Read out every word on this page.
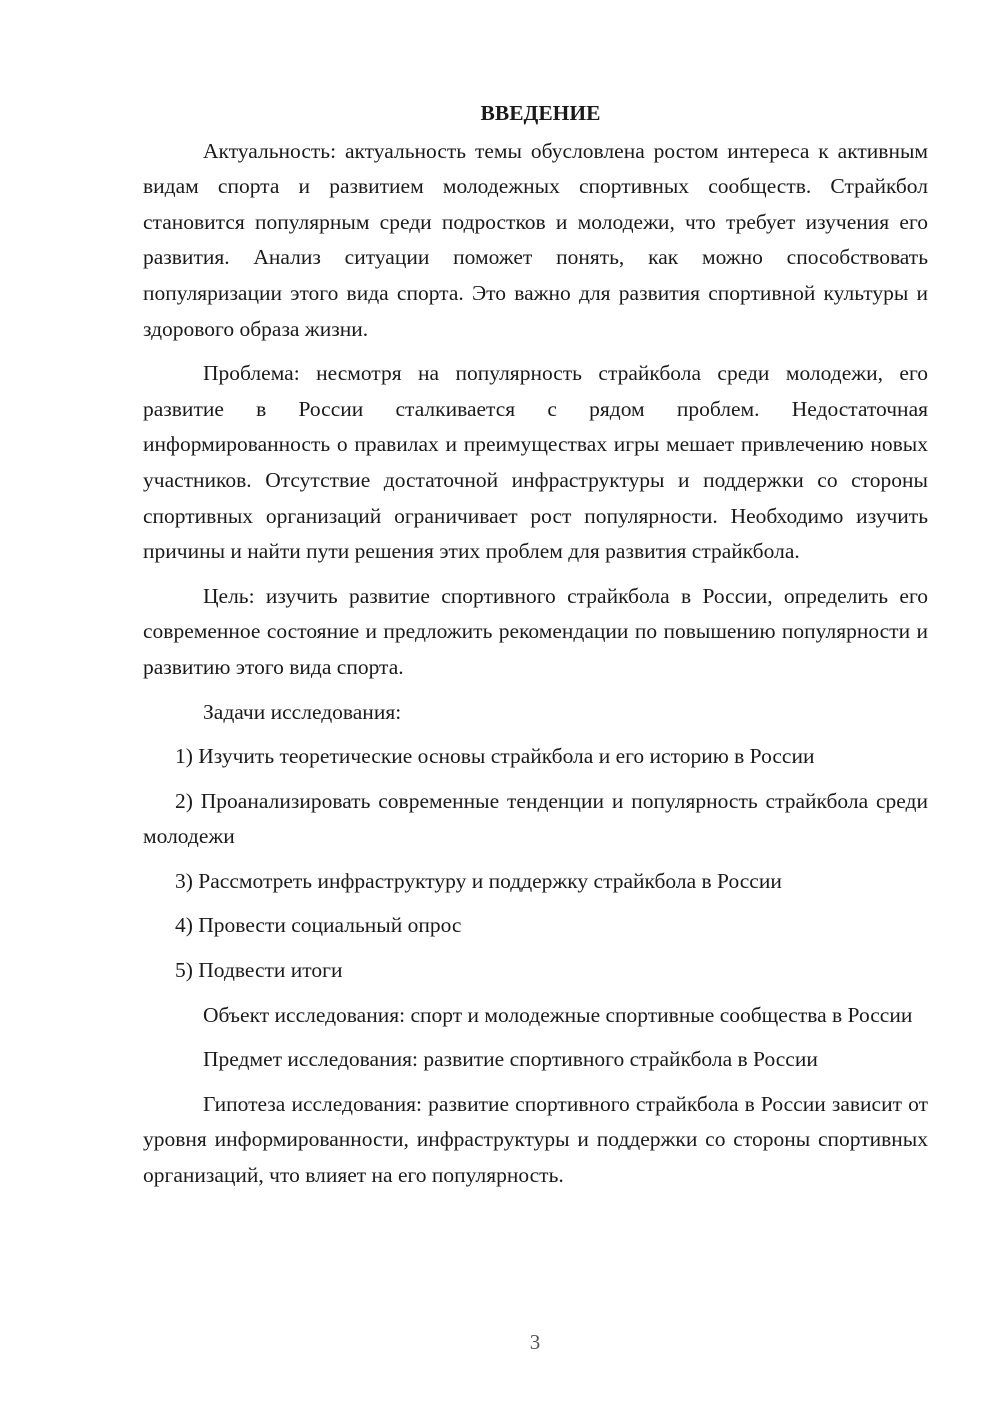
ВВЕДЕНИЕ

Актуальность: актуальность темы обусловлена ростом интереса к активным видам спорта и развитием молодежных спортивных сообществ. Страйкбол становится популярным среди подростков и молодежи, что требует изучения его развития. Анализ ситуации поможет понять, как можно способствовать популяризации этого вида спорта. Это важно для развития спортивной культуры и здорового образа жизни.

Проблема: несмотря на популярность страйкбола среди молодежи, его развитие в России сталкивается с рядом проблем. Недостаточная информированность о правилах и преимуществах игры мешает привлечению новых участников. Отсутствие достаточной инфраструктуры и поддержки со стороны спортивных организаций ограничивает рост популярности. Необходимо изучить причины и найти пути решения этих проблем для развития страйкбола.

Цель: изучить развитие спортивного страйкбола в России, определить его современное состояние и предложить рекомендации по повышению популярности и развитию этого вида спорта.

Задачи исследования:

1) Изучить теоретические основы страйкбола и его историю в России

2) Проанализировать современные тенденции и популярность страйкбола среди молодежи

3) Рассмотреть инфраструктуру и поддержку страйкбола в России

4) Провести социальный опрос

5) Подвести итоги

Объект исследования: спорт и молодежные спортивные сообщества в России

Предмет исследования: развитие спортивного страйкбола в России

Гипотеза исследования: развитие спортивного страйкбола в России зависит от уровня информированности, инфраструктуры и поддержки со стороны спортивных организаций, что влияет на его популярность.

3
